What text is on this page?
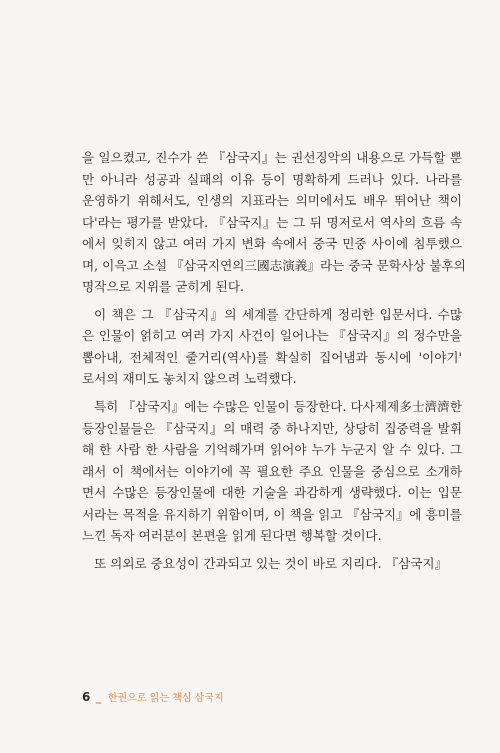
을 일으켰고, 진수가 쓴 『삼국지』는 권선징악의 내용으로 가득할 뿐
만 아니라 성공과 실패의 이유 등이 명확하게 드러나 있다. 나라를
운영하기 위해서도, 인생의 지표라는 의미에서도 배우 뛰어난 책이
다'라는 평가를 받았다. 『삼국지』는 그 뒤 명저로서 역사의 흐름 속
에서 잊히지 않고 여러 가지 변화 속에서 중국 민중 사이에 침투했으
며, 이윽고 소설 『삼국지연의三國志演義』라는 중국 문학사상 불후의
명작으로 지위를 굳히게 된다.
이 책은 그 『삼국지』의 세계를 간단하게 정리한 입문서다. 수많
은 인물이 얽히고 여러 가지 사건이 일어나는 『삼국지』의 정수만을
뽑아내, 전체적인 줄거리(역사)를 확실히 집어냄과 동시에 '이야기'
로서의 재미도 놓치지 않으려 노력했다.
특히 『삼국지』에는 수많은 인물이 등장한다. 다사제제多士濟濟한
등장인물들은 『삼국지』의 매력 중 하나지만, 상당히 집중력을 발휘
해 한 사람 한 사람을 기억해가며 읽어야 누가 누군지 알 수 있다. 그
래서 이 책에서는 이야기에 꼭 필요한 주요 인물을 중심으로 소개하
면서 수많은 등장인물에 대한 기술을 과감하게 생략했다. 이는 입문
서라는 목적을 유지하기 위함이며, 이 책을 읽고 『삼국지』에 흥미를
느낀 독자 여러분이 본편을 읽게 된다면 행복할 것이다.
또 의외로 중요성이 간과되고 있는 것이 바로 지리다. 『삼국지』
6 _ 한권으로 읽는 책심 삼국지
